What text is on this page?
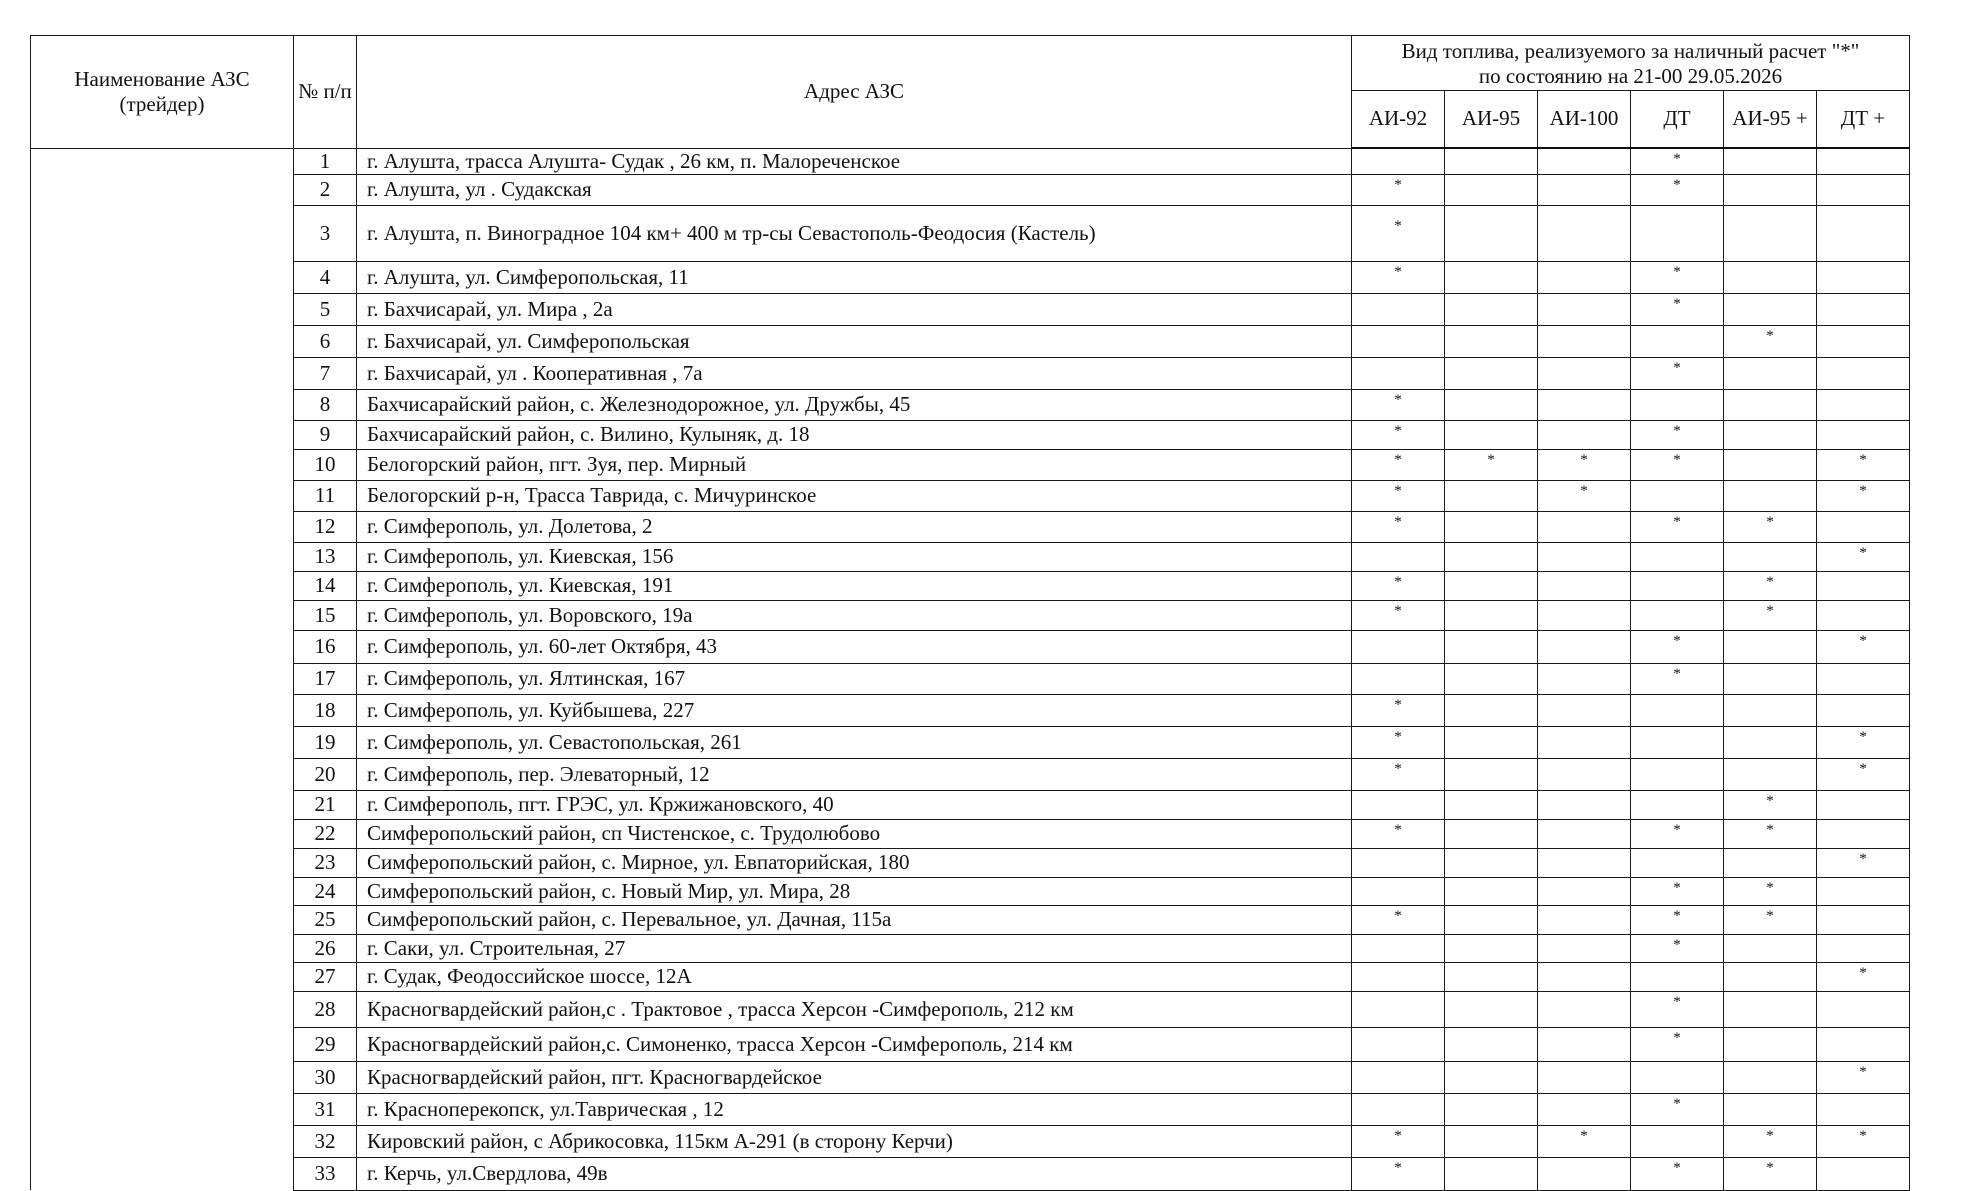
Наименование АЗС (трейдер)	№ п/п	Адрес АЗС	Вид топлива, реализуемого за наличный расчет "*"
по состоянию на 21-00 29.05.2026					

			АИ-92	АИ-95	АИ-100	ДТ	АИ-95 +	ДТ +
	1	г. Алушта, трасса Алушта- Судак , 26 км, п. Малореченское				*		
	2	г. Алушта, ул . Судакская	*			*		
	3	г. Алушта, п. Виноградное 104 км+ 400 м тр-сы Севастополь-Феодосия (Кастель)	*					
	4	г. Алушта, ул. Симферопольская, 11	*			*		
	5	г. Бахчисарай, ул. Мира , 2а				*		
	6	г. Бахчисарай, ул. Симферопольская					*	
	7	г. Бахчисарай, ул . Кооперативная , 7а				*		
	8	Бахчисарайский район, с. Железнодорожное, ул. Дружбы, 45	*					
	9	Бахчисарайский район, с. Вилино, Кулыняк, д. 18	*			*		
	10	Белогорский район, пгт. Зуя, пер. Мирный	*	*	*	*		*
	11	Белогорский р-н, Трасса Таврида, с. Мичуринское	*		*			*
	12	г. Симферополь, ул. Долетова, 2	*			*	*	
	13	г. Симферополь, ул. Киевская, 156						*
	14	г. Симферополь, ул. Киевская, 191	*				*	
	15	г. Симферополь, ул. Воровского, 19а	*				*	
	16	г. Симферополь, ул. 60-лет Октября, 43				*		*
	17	г. Симферополь, ул. Ялтинская, 167				*		
	18	г. Симферополь, ул. Куйбышева, 227	*					
	19	г. Симферополь, ул. Севастопольская, 261	*					*
	20	г. Симферополь, пер. Элеваторный, 12	*					*
	21	г. Симферополь, пгт. ГРЭС, ул. Кржижановского, 40					*	
	22	Симферопольский район, сп Чистенское, с. Трудолюбово	*			*	*	
	23	Симферопольский район, с. Мирное, ул. Евпаторийская, 180						*
	24	Симферопольский район, с. Новый Мир, ул. Мира, 28				*	*	
	25	Симферопольский район, с. Перевальное, ул. Дачная, 115а	*			*	*	
	26	г. Саки, ул. Строительная, 27				*		
	27	г. Судак, Феодоссийское шоссе, 12А						*
	28	Красногвардейский район,с . Трактовое , трасса Херсон -Симферополь, 212 км				*		
	29	Красногвардейский район,с. Симоненко, трасса Херсон -Симферополь, 214 км				*		
	30	Красногвардейский район, пгт. Красногвардейское						*
	31	г. Красноперекопск, ул.Таврическая , 12				*		
	32	Кировский район, с Абрикосовка, 115км А-291 (в сторону Керчи)	*		*		*	*
	33	г. Керчь, ул.Свердлова, 49в	*			*	*	
